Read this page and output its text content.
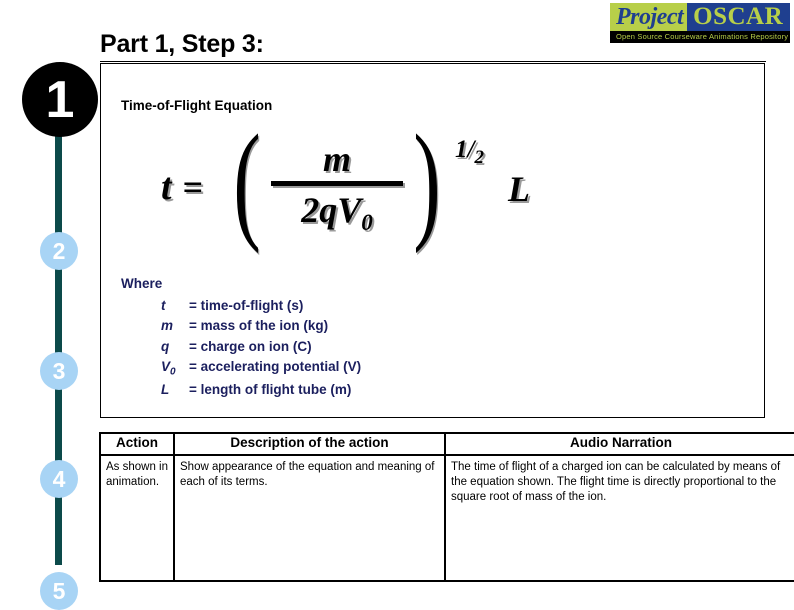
Project OSCAR
Open Source Courseware Animations Repository
Part 1, Step 3:
1
2
3
4
5
Time-of-Flight Equation
t = ( m
$2qV_0$ ) $1/_2$
L
Where
t	= time-of-flight (s)
m	= mass of the ion (kg)
q	= charge on ion (C)
$V_0$ = accelerating potential (V)
L	= length of flight tube (m)
Action	Description of the action	Audio Narration
As shown in animation.	Show appearance of the equation and meaning of each of its terms.	The time of flight of a charged ion can be calculated by means of the equation shown. The flight time is directly proportional to the square root of mass of the ion.
